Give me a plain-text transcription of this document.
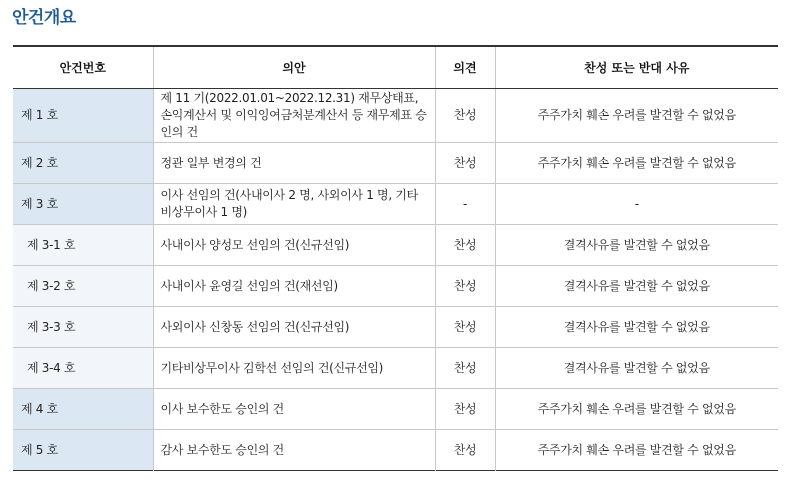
안건개요
안건번호	의안	의견	찬성 또는 반대 사유
제 1 호	제 11 기(2022.01.01~2022.12.31) 재무상태표, 손익계산서 및 이익잉여금처분계산서 등 재무제표 승인의 건	찬성	주주가치 훼손 우려를 발견할 수 없었음
제 2 호	정관 일부 변경의 건	찬성	주주가치 훼손 우려를 발견할 수 없었음
제 3 호	이사 선임의 건(사내이사 2 명, 사외이사 1 명, 기타비상무이사 1 명)	-	-
제 3-1 호	사내이사 양성모 선임의 건(신규선임)	찬성	결격사유를 발견할 수 없었음
제 3-2 호	사내이사 윤영길 선임의 건(재선임)	찬성	결격사유를 발견할 수 없었음
제 3-3 호	사외이사 신창동 선임의 건(신규선임)	찬성	결격사유를 발견할 수 없었음
제 3-4 호	기타비상무이사 김학선 선임의 건(신규선임)	찬성	결격사유를 발견할 수 없었음
제 4 호	이사 보수한도 승인의 건	찬성	주주가치 훼손 우려를 발견할 수 없었음
제 5 호	감사 보수한도 승인의 건	찬성	주주가치 훼손 우려를 발견할 수 없었음
